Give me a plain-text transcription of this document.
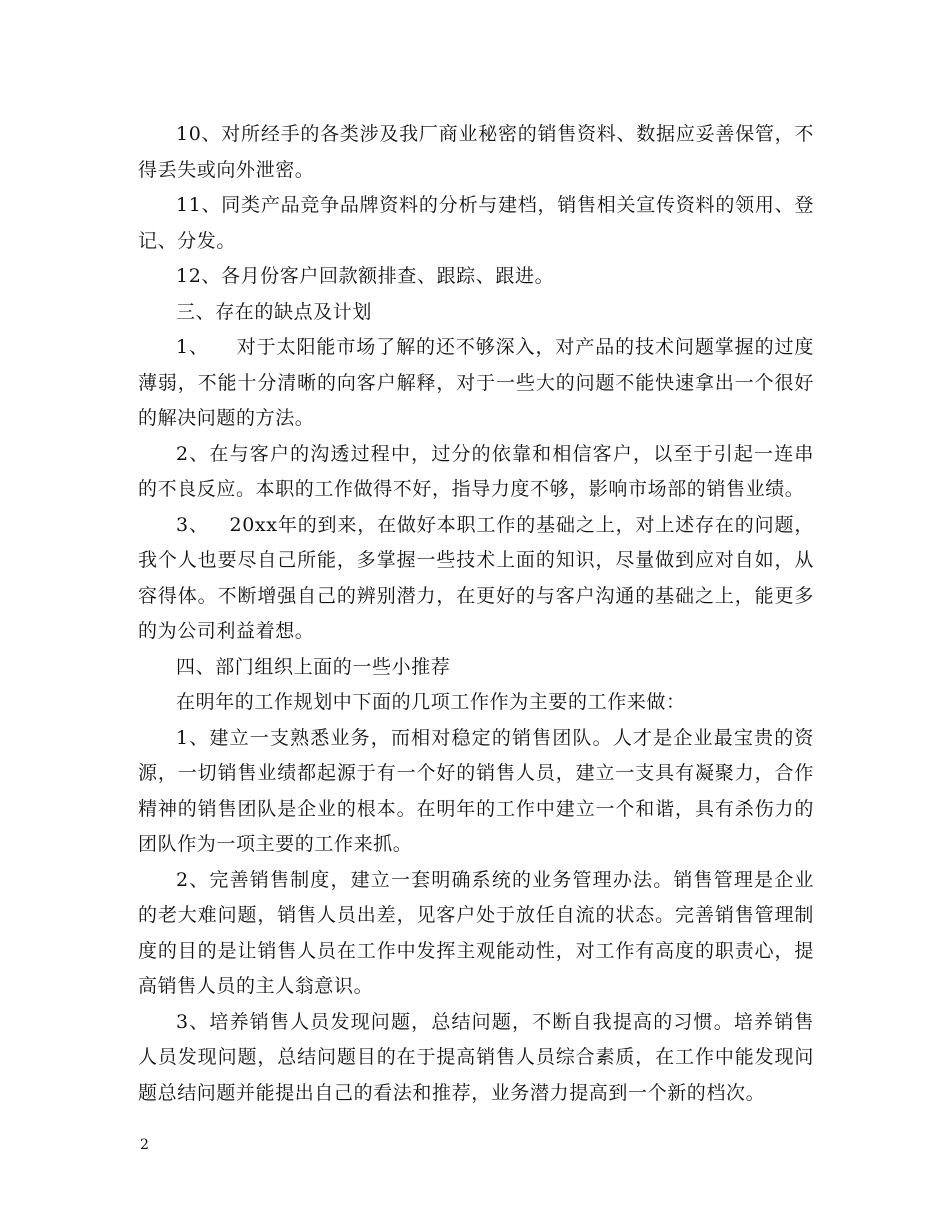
10、对所经手的各类涉及我厂商业秘密的销售资料、数据应妥善保管，不得丢失或向外泄密。

11、同类产品竞争品牌资料的分析与建档，销售相关宣传资料的领用、登记、分发。

12、各月份客户回款额排查、跟踪、跟进。

三、存在的缺点及计划

1、    对于太阳能市场了解的还不够深入，对产品的技术问题掌握的过度薄弱，不能十分清晰的向客户解释，对于一些大的问题不能快速拿出一个很好的解决问题的方法。

2、在与客户的沟透过程中，过分的依靠和相信客户，以至于引起一连串的不良反应。本职的工作做得不好，指导力度不够，影响市场部的销售业绩。

3、   20xx年的到来，在做好本职工作的基础之上，对上述存在的问题，我个人也要尽自己所能，多掌握一些技术上面的知识，尽量做到应对自如，从容得体。不断增强自己的辨别潜力，在更好的与客户沟通的基础之上，能更多的为公司利益着想。

四、部门组织上面的一些小推荐

在明年的工作规划中下面的几项工作作为主要的工作来做：

1、建立一支熟悉业务，而相对稳定的销售团队。人才是企业最宝贵的资源，一切销售业绩都起源于有一个好的销售人员，建立一支具有凝聚力，合作精神的销售团队是企业的根本。在明年的工作中建立一个和谐，具有杀伤力的团队作为一项主要的工作来抓。

2、完善销售制度，建立一套明确系统的业务管理办法。销售管理是企业的老大难问题，销售人员出差，见客户处于放任自流的状态。完善销售管理制度的目的是让销售人员在工作中发挥主观能动性，对工作有高度的职责心，提高销售人员的主人翁意识。

3、培养销售人员发现问题，总结问题，不断自我提高的习惯。培养销售人员发现问题，总结问题目的在于提高销售人员综合素质，在工作中能发现问题总结问题并能提出自己的看法和推荐，业务潜力提高到一个新的档次。

2
